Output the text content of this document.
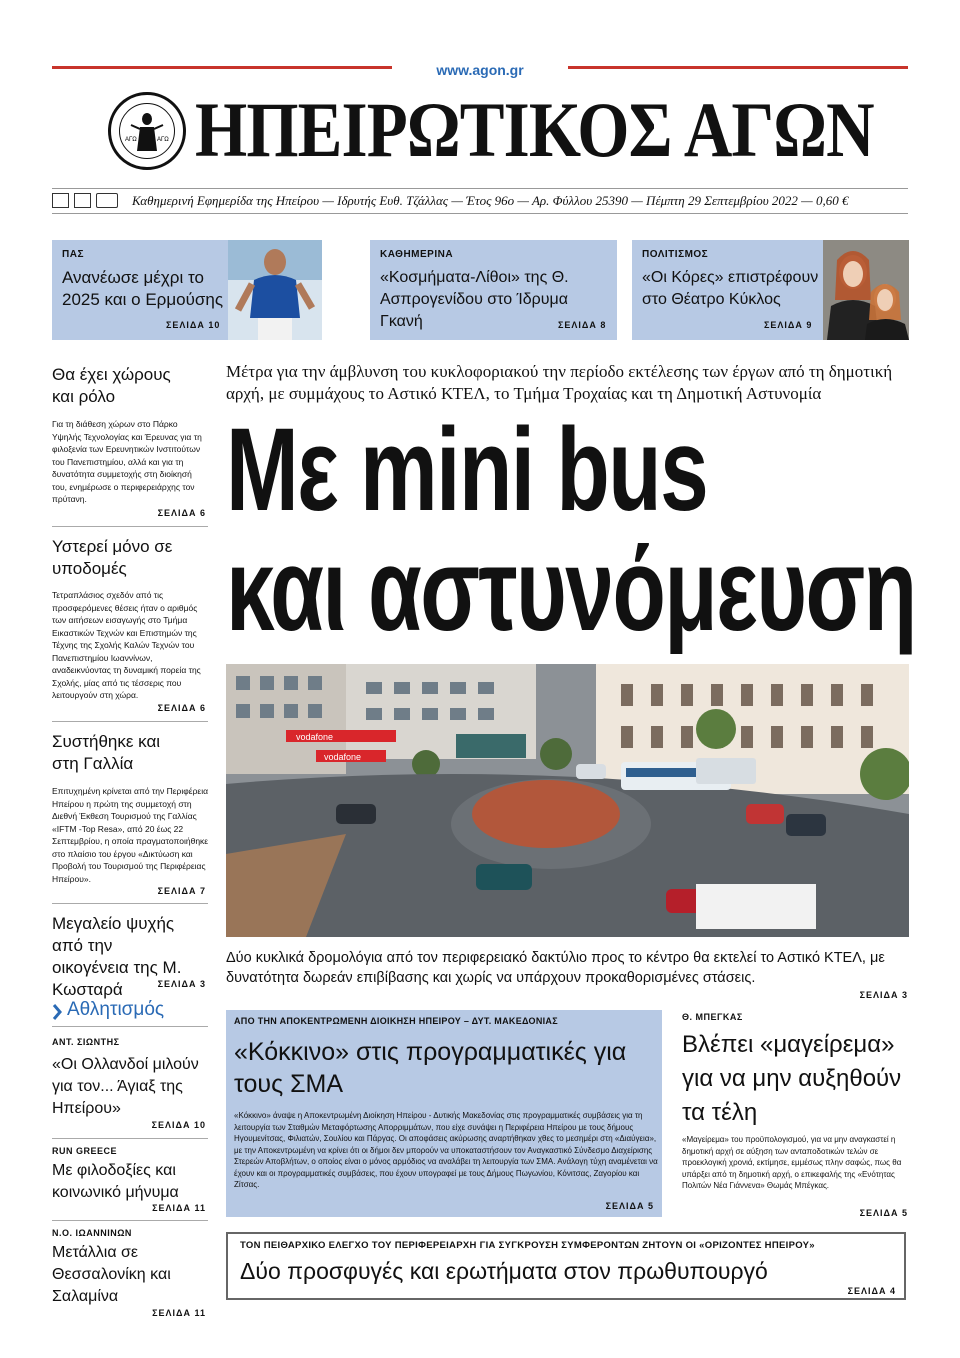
www.agon.gr
ΑΓΩ	ΑΓΩ ΗΠΕΙΡΩΤΙΚΟΣ ΑΓΩΝ
Καθημερινή Εφημερίδα της Ηπείρου — Ιδρυτής Ευθ. Τζάλλας — Έτος 96ο — Αρ. Φύλλου 25390 — Πέμπτη 29 Σεπτεμβρίου 2022 — 0,60 €
ΠΑΣ
Ανανέωσε μέχρι το 2025 και ο Ερμούσης
ΣΕΛΙΔΑ 10
ΚΑΘΗΜΕΡΙΝΑ
«Κοσμήματα-Λίθοι» της Θ. Ασπρογενίδου στο Ίδρυμα Γκανή	ΣΕΛΙΔΑ 8
ΠΟΛΙΤΙΣΜΟΣ
«Οι Κόρες» επιστρέφουν στο Θέατρο Κύκλος
ΣΕΛΙΔΑ 9
Θα έχει χώρους και ρόλο
Για τη διάθεση χώρων στο Πάρκο Υψηλής Τεχνολογίας και Έρευνας για τη φιλοξενία των Ερευνητικών Ινστιτούτων του Πανεπιστημίου, αλλά και για τη δυνατότητα συμμετοχής στη διοίκησή του, ενημέρωσε ο περιφερειάρχης τον πρύτανη.
ΣΕΛΙΔΑ 6
Υστερεί μόνο σε υποδομές
Τετραπλάσιος σχεδόν από τις προσφερόμενες θέσεις ήταν ο αριθμός των αιτήσεων εισαγωγής στο Τμήμα Εικαστικών Τεχνών και Επιστημών της Τέχνης της Σχολής Καλών Τεχνών του Πανεπιστημίου Ιωαννίνων, αναδεικνύοντας τη δυναμική πορεία της Σχολής, μίας από τις τέσσερις που λειτουργούν στη χώρα.
ΣΕΛΙΔΑ 6
Συστήθηκε και στη Γαλλία
Επιτυχημένη κρίνεται από την Περιφέρεια Ηπείρου η πρώτη της συμμετοχή στη Διεθνή Έκθεση Τουρισμού της Γαλλίας «IFTM -Top Resa», από 20 έως 22 Σεπτεμβρίου, η οποία πραγματοποιήθηκε στο πλαίσιο του έργου «Δικτύωση και Προβολή του Τουρισμού της Περιφέρειας Ηπείρου».
ΣΕΛΙΔΑ 7
Μεγαλείο ψυχής από την οικογένεια της Μ. Κωσταρά	ΣΕΛΙΔΑ 3
Αθλητισμός
ΑΝΤ. ΣΙΩΝΤΗΣ
«Οι Ολλανδοί μιλούν για τον... Άγιαξ της Ηπείρου»
ΣΕΛΙΔΑ 10
RUN GREECE
Με φιλοδοξίες και κοινωνικό μήνυμα
ΣΕΛΙΔΑ 11
Ν.Ο. ΙΩΑΝΝΙΝΩΝ
Μετάλλια σε Θεσσαλονίκη και Σαλαμίνα
ΣΕΛΙΔΑ 11
Μέτρα για την άμβλυνση του κυκλοφοριακού την περίοδο εκτέλεσης των έργων από τη δημοτική αρχή, με συμμάχους το Αστικό ΚΤΕΛ, το Τμήμα Τροχαίας και τη Δημοτική Αστυνομία
Με mini bus
και αστυνόμευση
vodafone
vodafone
Δύο κυκλικά δρομολόγια από τον περιφερειακό δακτύλιο προς το κέντρο θα εκτελεί το Αστικό ΚΤΕΛ, με δυνατότητα δωρεάν επιβίβασης και χωρίς να υπάρχουν προκαθορισμένες στάσεις.
ΣΕΛΙΔΑ 3
ΑΠΟ ΤΗΝ ΑΠΟΚΕΝΤΡΩΜΕΝΗ ΔΙΟΙΚΗΣΗ ΗΠΕΙΡΟΥ – ΔΥΤ. ΜΑΚΕΔΟΝΙΑΣ
«Κόκκινο» στις προγραμματικές για τους ΣΜΑ
«Κόκκινο» άναψε η Αποκεντρωμένη Διοίκηση Ηπείρου - Δυτικής Μακεδονίας στις προγραμματικές συμβάσεις για τη λειτουργία των Σταθμών Μεταφόρτωσης Απορριμμάτων, που είχε συνάψει η Περιφέρεια Ηπείρου με τους δήμους Ηγουμενίτσας, Φιλιατών, Σουλίου και Πάργας. Οι αποφάσεις ακύρωσης αναρτήθηκαν χθες το μεσημέρι στη «Διαύγεια», με την Αποκεντρωμένη να κρίνει ότι οι δήμοι δεν μπορούν να υποκαταστήσουν τον Αναγκαστικό Σύνδεσμο Διαχείρισης Στερεών Αποβλήτων, ο οποίος είναι ο μόνος αρμόδιος να αναλάβει τη λειτουργία των ΣΜΑ. Ανάλογη τύχη αναμένεται να έχουν και οι προγραμματικές συμβάσεις, που έχουν υπογραφεί με τους Δήμους Πωγωνίου, Κόνιτσας, Ζαγορίου και Ζίτσας.
ΣΕΛΙΔΑ 5
Θ. ΜΠΕΓΚΑΣ
Βλέπει «μαγείρεμα» για να μην αυξηθούν τα τέλη
«Μαγείρεμα» του προϋπολογισμού, για να μην αναγκαστεί η δημοτική αρχή σε αύξηση των ανταποδοτικών τελών σε προεκλογική χρονιά, εκτίμησε, εμμέσως πλην σαφώς, πως θα υπάρξει από τη δημοτική αρχή, ο επικεφαλής της «Ενότητας Πολιτών Νέα Γιάννενα» Θωμάς Μπέγκας.
ΣΕΛΙΔΑ 5
ΤΟΝ ΠΕΙΘΑΡΧΙΚΟ ΕΛΕΓΧΟ ΤΟΥ ΠΕΡΙΦΕΡΕΙΑΡΧΗ ΓΙΑ ΣΥΓΚΡΟΥΣΗ ΣΥΜΦΕΡΟΝΤΩΝ ΖΗΤΟΥΝ ΟΙ «ΟΡΙΖΟΝΤΕΣ ΗΠΕΙΡΟΥ»
Δύο προσφυγές και ερωτήματα στον πρωθυπουργό
ΣΕΛΙΔΑ 4
